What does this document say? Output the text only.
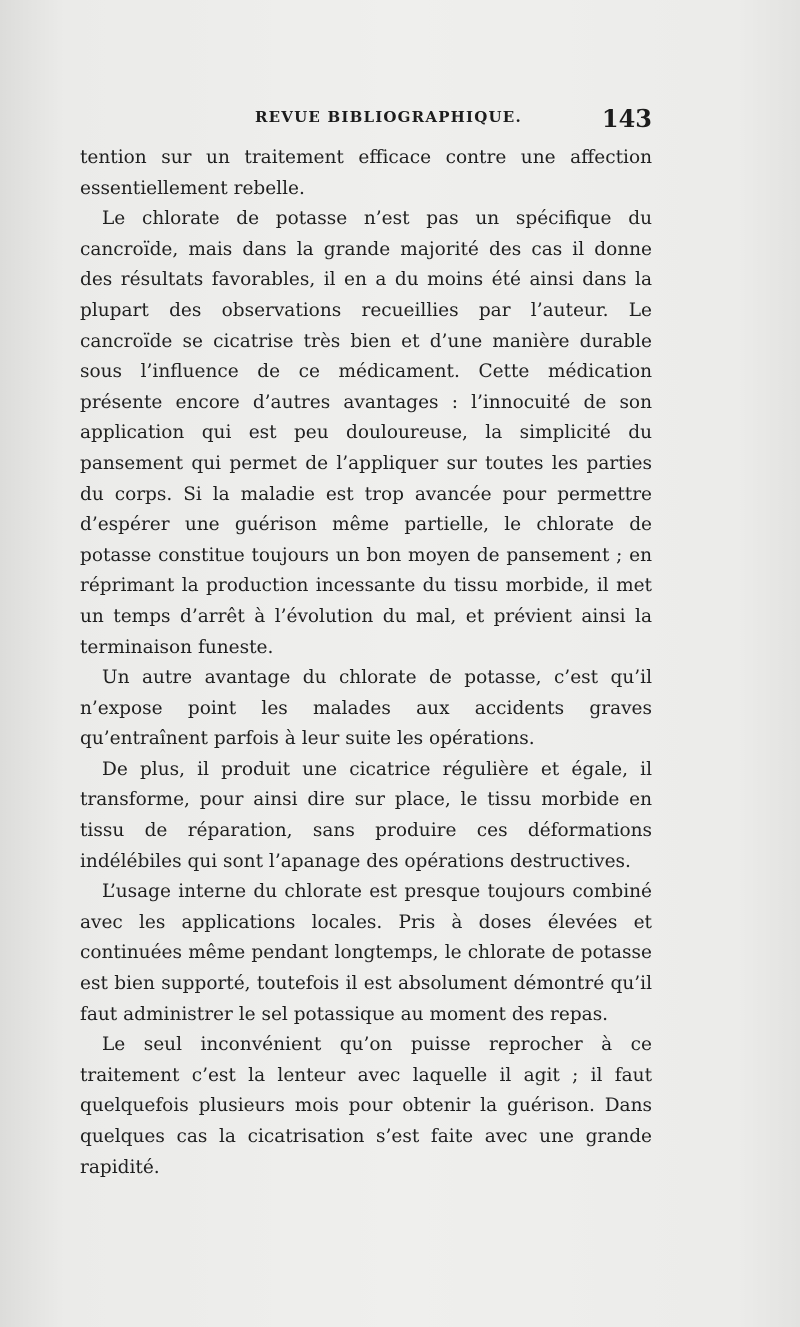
REVUE BIBLIOGRAPHIQUE.	143

tention sur un traitement efficace contre une affection essentiellement rebelle.

Le chlorate de potasse n’est pas un spécifique du cancroïde, mais dans la grande majorité des cas il donne des résultats favorables, il en a du moins été ainsi dans la plupart des observations recueillies par l’auteur. Le cancroïde se cicatrise très bien et d’une manière durable sous l’influence de ce médicament. Cette médication présente encore d’autres avantages : l’innocuité de son application qui est peu douloureuse, la simplicité du pansement qui permet de l’appliquer sur toutes les parties du corps. Si la maladie est trop avancée pour permettre d’espérer une guérison même partielle, le chlorate de potasse constitue toujours un bon moyen de pansement ; en réprimant la production incessante du tissu morbide, il met un temps d’arrêt à l’évolution du mal, et prévient ainsi la terminaison funeste.

Un autre avantage du chlorate de potasse, c’est qu’il n’expose point les malades aux accidents graves qu’entraînent parfois à leur suite les opérations.

De plus, il produit une cicatrice régulière et égale, il transforme, pour ainsi dire sur place, le tissu morbide en tissu de réparation, sans produire ces déformations indélébiles qui sont l’apanage des opérations destructives.

L’usage interne du chlorate est presque toujours combiné avec les applications locales. Pris à doses élevées et continuées même pendant longtemps, le chlorate de potasse est bien supporté, toutefois il est absolument démontré qu’il faut administrer le sel potassique au moment des repas.

Le seul inconvénient qu’on puisse reprocher à ce traitement c’est la lenteur avec laquelle il agit ; il faut quelquefois plusieurs mois pour obtenir la guérison. Dans quelques cas la cicatrisation s’est faite avec une grande rapidité.
